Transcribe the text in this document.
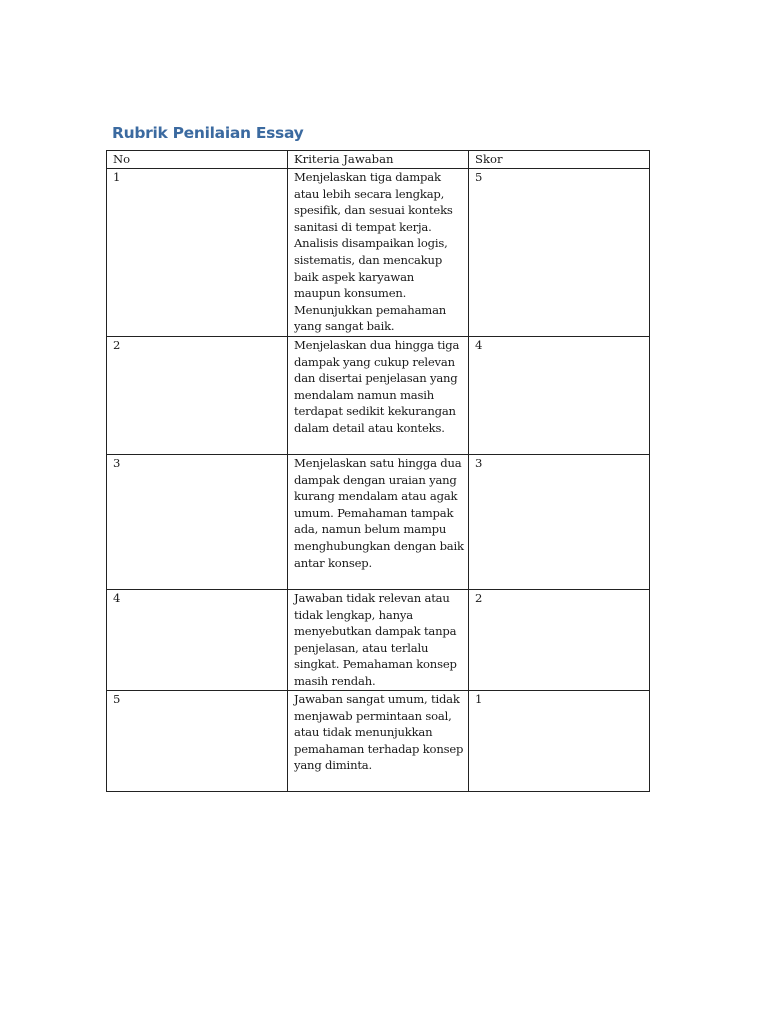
Rubrik Penilaian Essay
No	Kriteria Jawaban	Skor
1	Menjelaskan tiga dampak atau lebih secara lengkap, spesifik, dan sesuai konteks sanitasi di tempat kerja. Analisis disampaikan logis, sistematis, dan mencakup baik aspek karyawan maupun konsumen. Menunjukkan pemahaman yang sangat baik.	5
2	Menjelaskan dua hingga tiga dampak yang cukup relevan dan disertai penjelasan yang mendalam namun masih terdapat sedikit kekurangan dalam detail atau konteks.	4
3	Menjelaskan satu hingga dua dampak dengan uraian yang kurang mendalam atau agak umum. Pemahaman tampak ada, namun belum mampu menghubungkan dengan baik antar konsep.	3
4	Jawaban tidak relevan atau tidak lengkap, hanya menyebutkan dampak tanpa penjelasan, atau terlalu singkat. Pemahaman konsep masih rendah.	2
5	Jawaban sangat umum, tidak menjawab permintaan soal, atau tidak menunjukkan pemahaman terhadap konsep yang diminta.	1
